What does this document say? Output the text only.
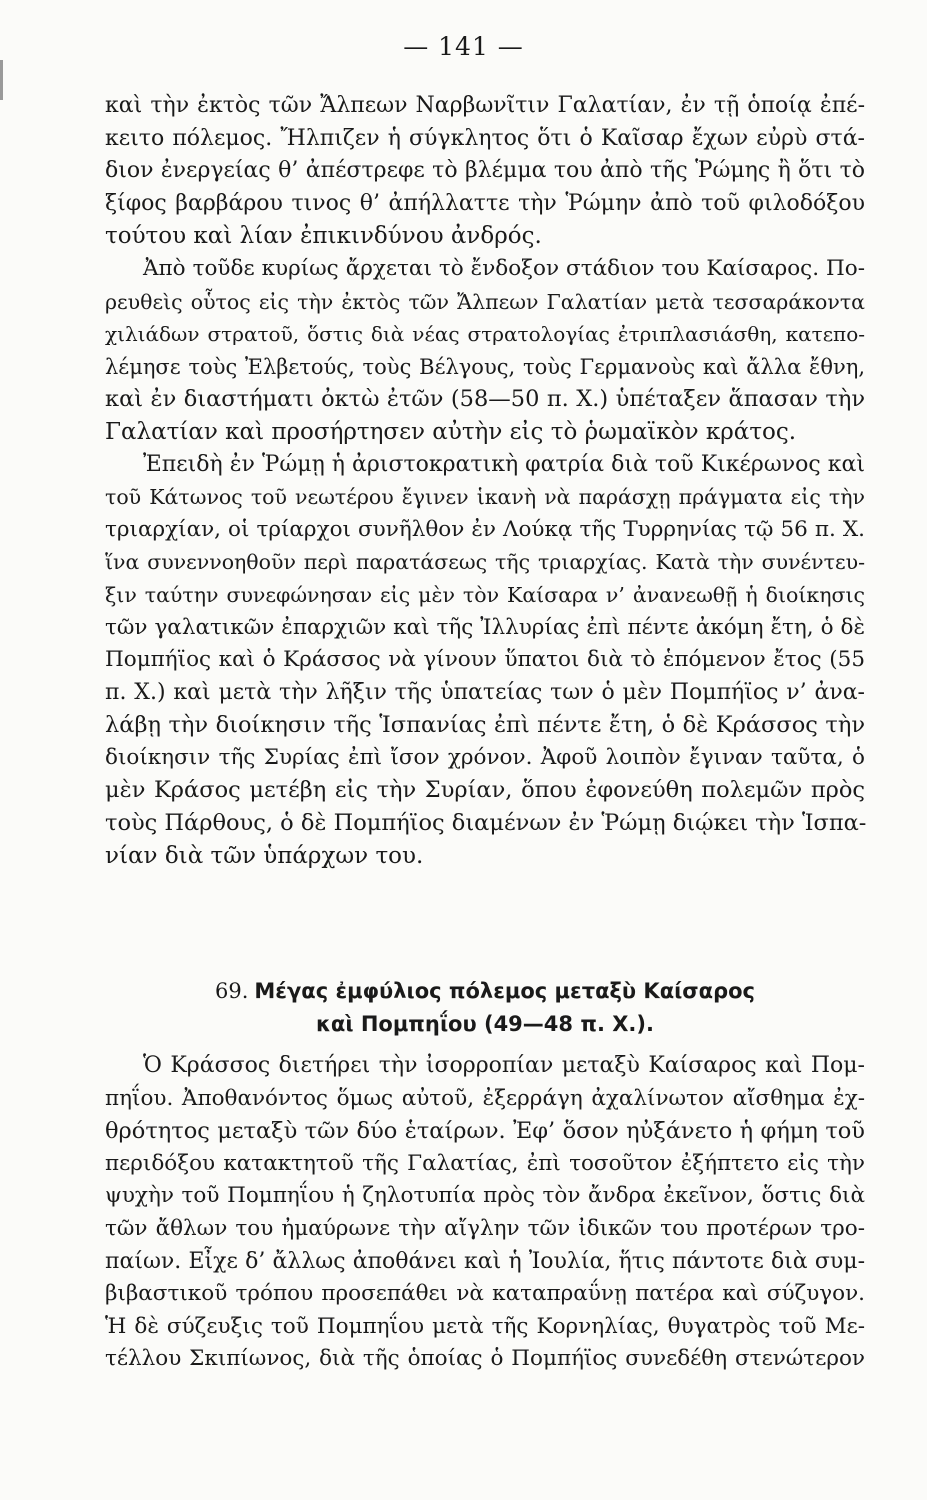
— 141 —
καὶ τὴν ἐκτὸς τῶν Ἄλπεων Ναρβωνῖτιν Γαλατίαν, ἐν τῇ ὁποίᾳ ἐπέ-
κειτο πόλεμος. Ἤλπιζεν ἡ σύγκλητος ὅτι ὁ Καῖσαρ ἔχων εὐρὺ στά-
διον ἐνεργείας θ’ ἀπέστρεφε τὸ βλέμμα του ἀπὸ τῆς Ῥώμης ἢ ὅτι τὸ
ξίφος βαρβάρου τινος θ’ ἀπήλλαττε τὴν Ῥώμην ἀπὸ τοῦ φιλοδόξου
τούτου καὶ λίαν ἐπικινδύνου ἀνδρός.
Ἀπὸ τοῦδε κυρίως ἄρχεται τὸ ἔνδοξον στάδιον του Καίσαρος. Πο-
ρευθεὶς οὗτος εἰς τὴν ἐκτὸς τῶν Ἄλπεων Γαλατίαν μετὰ τεσσαράκοντα
χιλιάδων στρατοῦ, ὅστις διὰ νέας στρατολογίας ἐτριπλασιάσθη, κατεπο-
λέμησε τοὺς Ἐλβετούς, τοὺς Βέλγους, τοὺς Γερμανοὺς καὶ ἄλλα ἔθνη,
καὶ ἐν διαστήματι ὀκτὼ ἐτῶν (58—50 π. Χ.) ὑπέταξεν ἅπασαν τὴν
Γαλατίαν καὶ προσήρτησεν αὐτὴν εἰς τὸ ῥωμαϊκὸν κράτος.
Ἐπειδὴ ἐν Ῥώμῃ ἡ ἀριστοκρατικὴ φατρία διὰ τοῦ Κικέρωνος καὶ
τοῦ Κάτωνος τοῦ νεωτέρου ἔγινεν ἱκανὴ νὰ παράσχῃ πράγματα εἰς τὴν
τριαρχίαν, οἱ τρίαρχοι συνῆλθον ἐν Λούκᾳ τῆς Τυρρηνίας τῷ 56 π. Χ.
ἵνα συνεννοηθοῦν περὶ παρατάσεως τῆς τριαρχίας. Κατὰ τὴν συνέντευ-
ξιν ταύτην συνεφώνησαν εἰς μὲν τὸν Καίσαρα ν’ ἀνανεωθῇ ἡ διοίκησις
τῶν γαλατικῶν ἐπαρχιῶν καὶ τῆς Ἰλλυρίας ἐπὶ πέντε ἀκόμη ἔτη, ὁ δὲ
Πομπήϊος καὶ ὁ Κράσσος νὰ γίνουν ὕπατοι διὰ τὸ ἑπόμενον ἔτος (55
π. Χ.) καὶ μετὰ τὴν λῆξιν τῆς ὑπατείας των ὁ μὲν Πομπήϊος ν’ ἀνα-
λάβῃ τὴν διοίκησιν τῆς Ἱσπανίας ἐπὶ πέντε ἔτη, ὁ δὲ Κράσσος τὴν
διοίκησιν τῆς Συρίας ἐπὶ ἴσον χρόνον. Ἀφοῦ λοιπὸν ἔγιναν ταῦτα, ὁ
μὲν Κράσος μετέβη εἰς τὴν Συρίαν, ὅπου ἐφονεύθη πολεμῶν πρὸς
τοὺς Πάρθους, ὁ δὲ Πομπήϊος διαμένων ἐν Ῥώμῃ διῴκει τὴν Ἱσπα-
νίαν διὰ τῶν ὑπάρχων του.
69. Μέγας ἐμφύλιος πόλεμος μεταξὺ Καίσαρος
καὶ Πομπηΐου (49—48 π. Χ.).
Ὁ Κράσσος διετήρει τὴν ἰσορροπίαν μεταξὺ Καίσαρος καὶ Πομ-
πηΐου. Ἀποθανόντος ὅμως αὐτοῦ, ἐξερράγη ἀχαλίνωτον αἴσθημα ἐχ-
θρότητος μεταξὺ τῶν δύο ἑταίρων. Ἐφ’ ὅσον ηὐξάνετο ἡ φήμη τοῦ
περιδόξου κατακτητοῦ τῆς Γαλατίας, ἐπὶ τοσοῦτον ἐξήπτετο εἰς τὴν
ψυχὴν τοῦ Πομπηΐου ἡ ζηλοτυπία πρὸς τὸν ἄνδρα ἐκεῖνον, ὅστις διὰ
τῶν ἄθλων του ἠμαύρωνε τὴν αἴγλην τῶν ἰδικῶν του προτέρων τρο-
παίων. Εἶχε δ’ ἄλλως ἀποθάνει καὶ ἡ Ἰουλία, ἥτις πάντοτε διὰ συμ-
βιβαστικοῦ τρόπου προσεπάθει νὰ καταπραΰνῃ πατέρα καὶ σύζυγον.
Ἡ δὲ σύζευξις τοῦ Πομπηΐου μετὰ τῆς Κορνηλίας, θυγατρὸς τοῦ Με-
τέλλου Σκιπίωνος, διὰ τῆς ὁποίας ὁ Πομπήϊος συνεδέθη στενώτερον
